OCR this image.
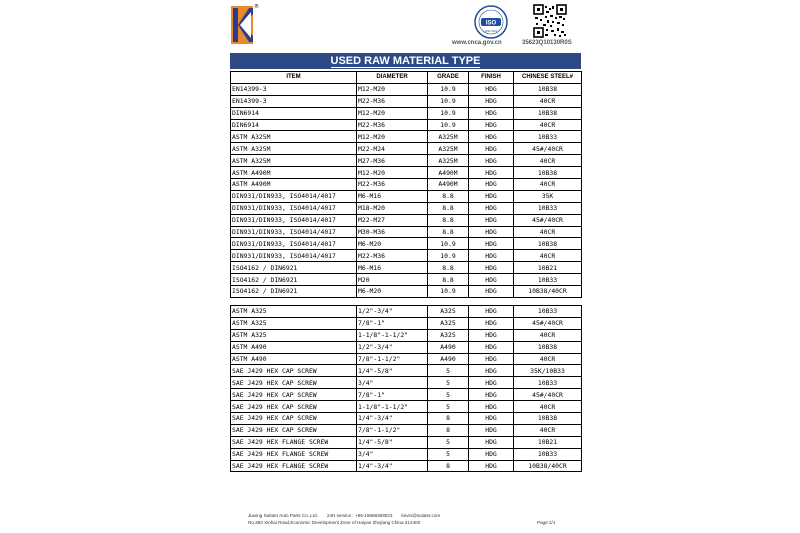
®
ISO
9001:2015
www.cnca.gov.cn	35623Q10130R0S
USED RAW MATERIAL TYPE
ITEM	DIAMETER	GRADE	FINISH	CHINESE STEEL#
EN14399-3	M12-M20	10.9	HDG	10B38
EN14399-3	M22-M36	10.9	HDG	40CR
DIN6914	M12-M20	10.9	HDG	10B38
DIN6914	M22-M36	10.9	HDG	40CR
ASTM A325M	M12-M20	A325M	HDG	10B33
ASTM A325M	M22-M24	A325M	HDG	45#/40CR
ASTM A325M	M27-M36	A325M	HDG	40CR
ASTM A490M	M12-M20	A490M	HDG	10B38
ASTM A490M	M22-M36	A490M	HDG	40CR
DIN931/DIN933, ISO4014/4017	M6-M16	8.8	HDG	35K
DIN931/DIN933, ISO4014/4017	M18-M20	8.8	HDG	10B33
DIN931/DIN933, ISO4014/4017	M22-M27	8.8	HDG	45#/40CR
DIN931/DIN933, ISO4014/4017	M30-M36	8.8	HDG	40CR
DIN931/DIN933, ISO4014/4017	M6-M20	10.9	HDG	10B38
DIN931/DIN933, ISO4014/4017	M22-M36	10.9	HDG	40CR
ISO4162 / DIN6921	M6-M16	8.8	HDG	10B21
ISO4162 / DIN6921	M20	8.8	HDG	10B33
ISO4162 / DIN6921	M6-M20	10.9	HDG	10B38/40CR
ASTM A325	1/2"-3/4"	A325	HDG	10B33
ASTM A325	7/8"-1"	A325	HDG	45#/40CR
ASTM A325	1-1/8"-1-1/2"	A325	HDG	40CR
ASTM A490	1/2"-3/4"	A490	HDG	10B38
ASTM A490	7/8"-1-1/2"	A490	HDG	40CR
SAE J429 HEX CAP SCREW	1/4"-5/8"	5	HDG	35K/10B33
SAE J429 HEX CAP SCREW	3/4"	5	HDG	10B33
SAE J429 HEX CAP SCREW	7/8"-1"	5	HDG	45#/40CR
SAE J429 HEX CAP SCREW	1-1/8"-1-1/2"	5	HDG	40CR
SAE J429 HEX CAP SCREW	1/4"-3/4"	8	HDG	10B38
SAE J429 HEX CAP SCREW	7/8"-1-1/2"	8	HDG	40CR
SAE J429 HEX FLANGE SCREW	1/4"-5/8"	5	HDG	10B21
SAE J429 HEX FLANGE SCREW	3/4"	5	HDG	10B33
SAE J429 HEX FLANGE SCREW	1/4"-3/4"	8	HDG	10B38/40CR
Jiaxing Sulater Auto Parts Co.,Ltd. 24H service : +86-15858369023 kevin@sulater.com
No.383 Xinhai Road,Economic Development Zone of Haiyan Zhejiang China 314300	Page:1/1
